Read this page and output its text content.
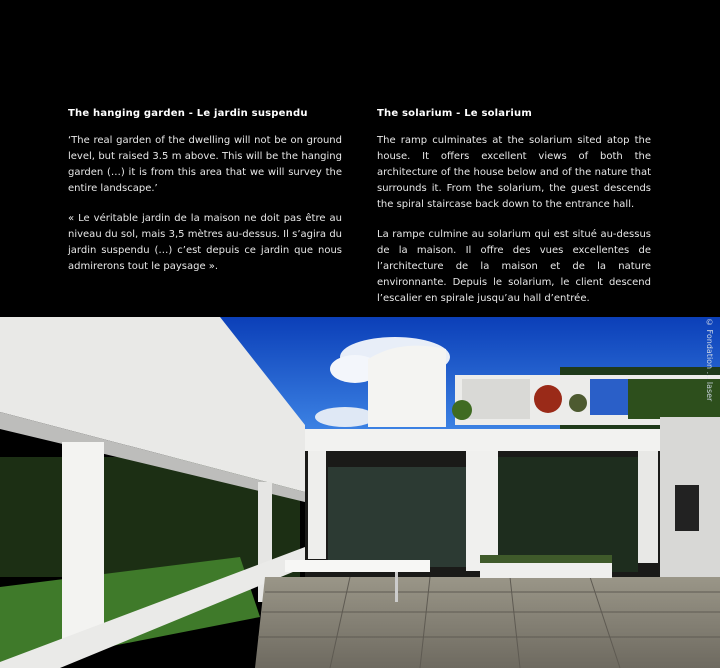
The hanging garden - Le jardin suspendu

‘The real garden of the dwelling will not be on ground level, but raised 3.5 m above. This will be the hanging garden (…) it is from this area that we will survey the entire landscape.’

« Le véritable jardin de la maison ne doit pas être au niveau du sol, mais 3,5 mètres au-dessus. Il s’agira du jardin suspendu (…) c’est depuis ce jardin que nous admirerons tout le paysage ».

The solarium - Le solarium

The ramp culminates at the solarium sited atop the house. It offers excellent views of both the architecture of the house below and of the nature that surrounds it. From the solarium, the guest descends the spiral staircase back down to the entrance hall.

La rampe culmine au solarium qui est situé au-dessus de la maison. Il offre des vues excellentes de l’architecture de la maison et de la nature environnante. Depuis le solarium, le client descend l’escalier en spirale jusqu’au hall d’entrée.

© Fondation ... laser
